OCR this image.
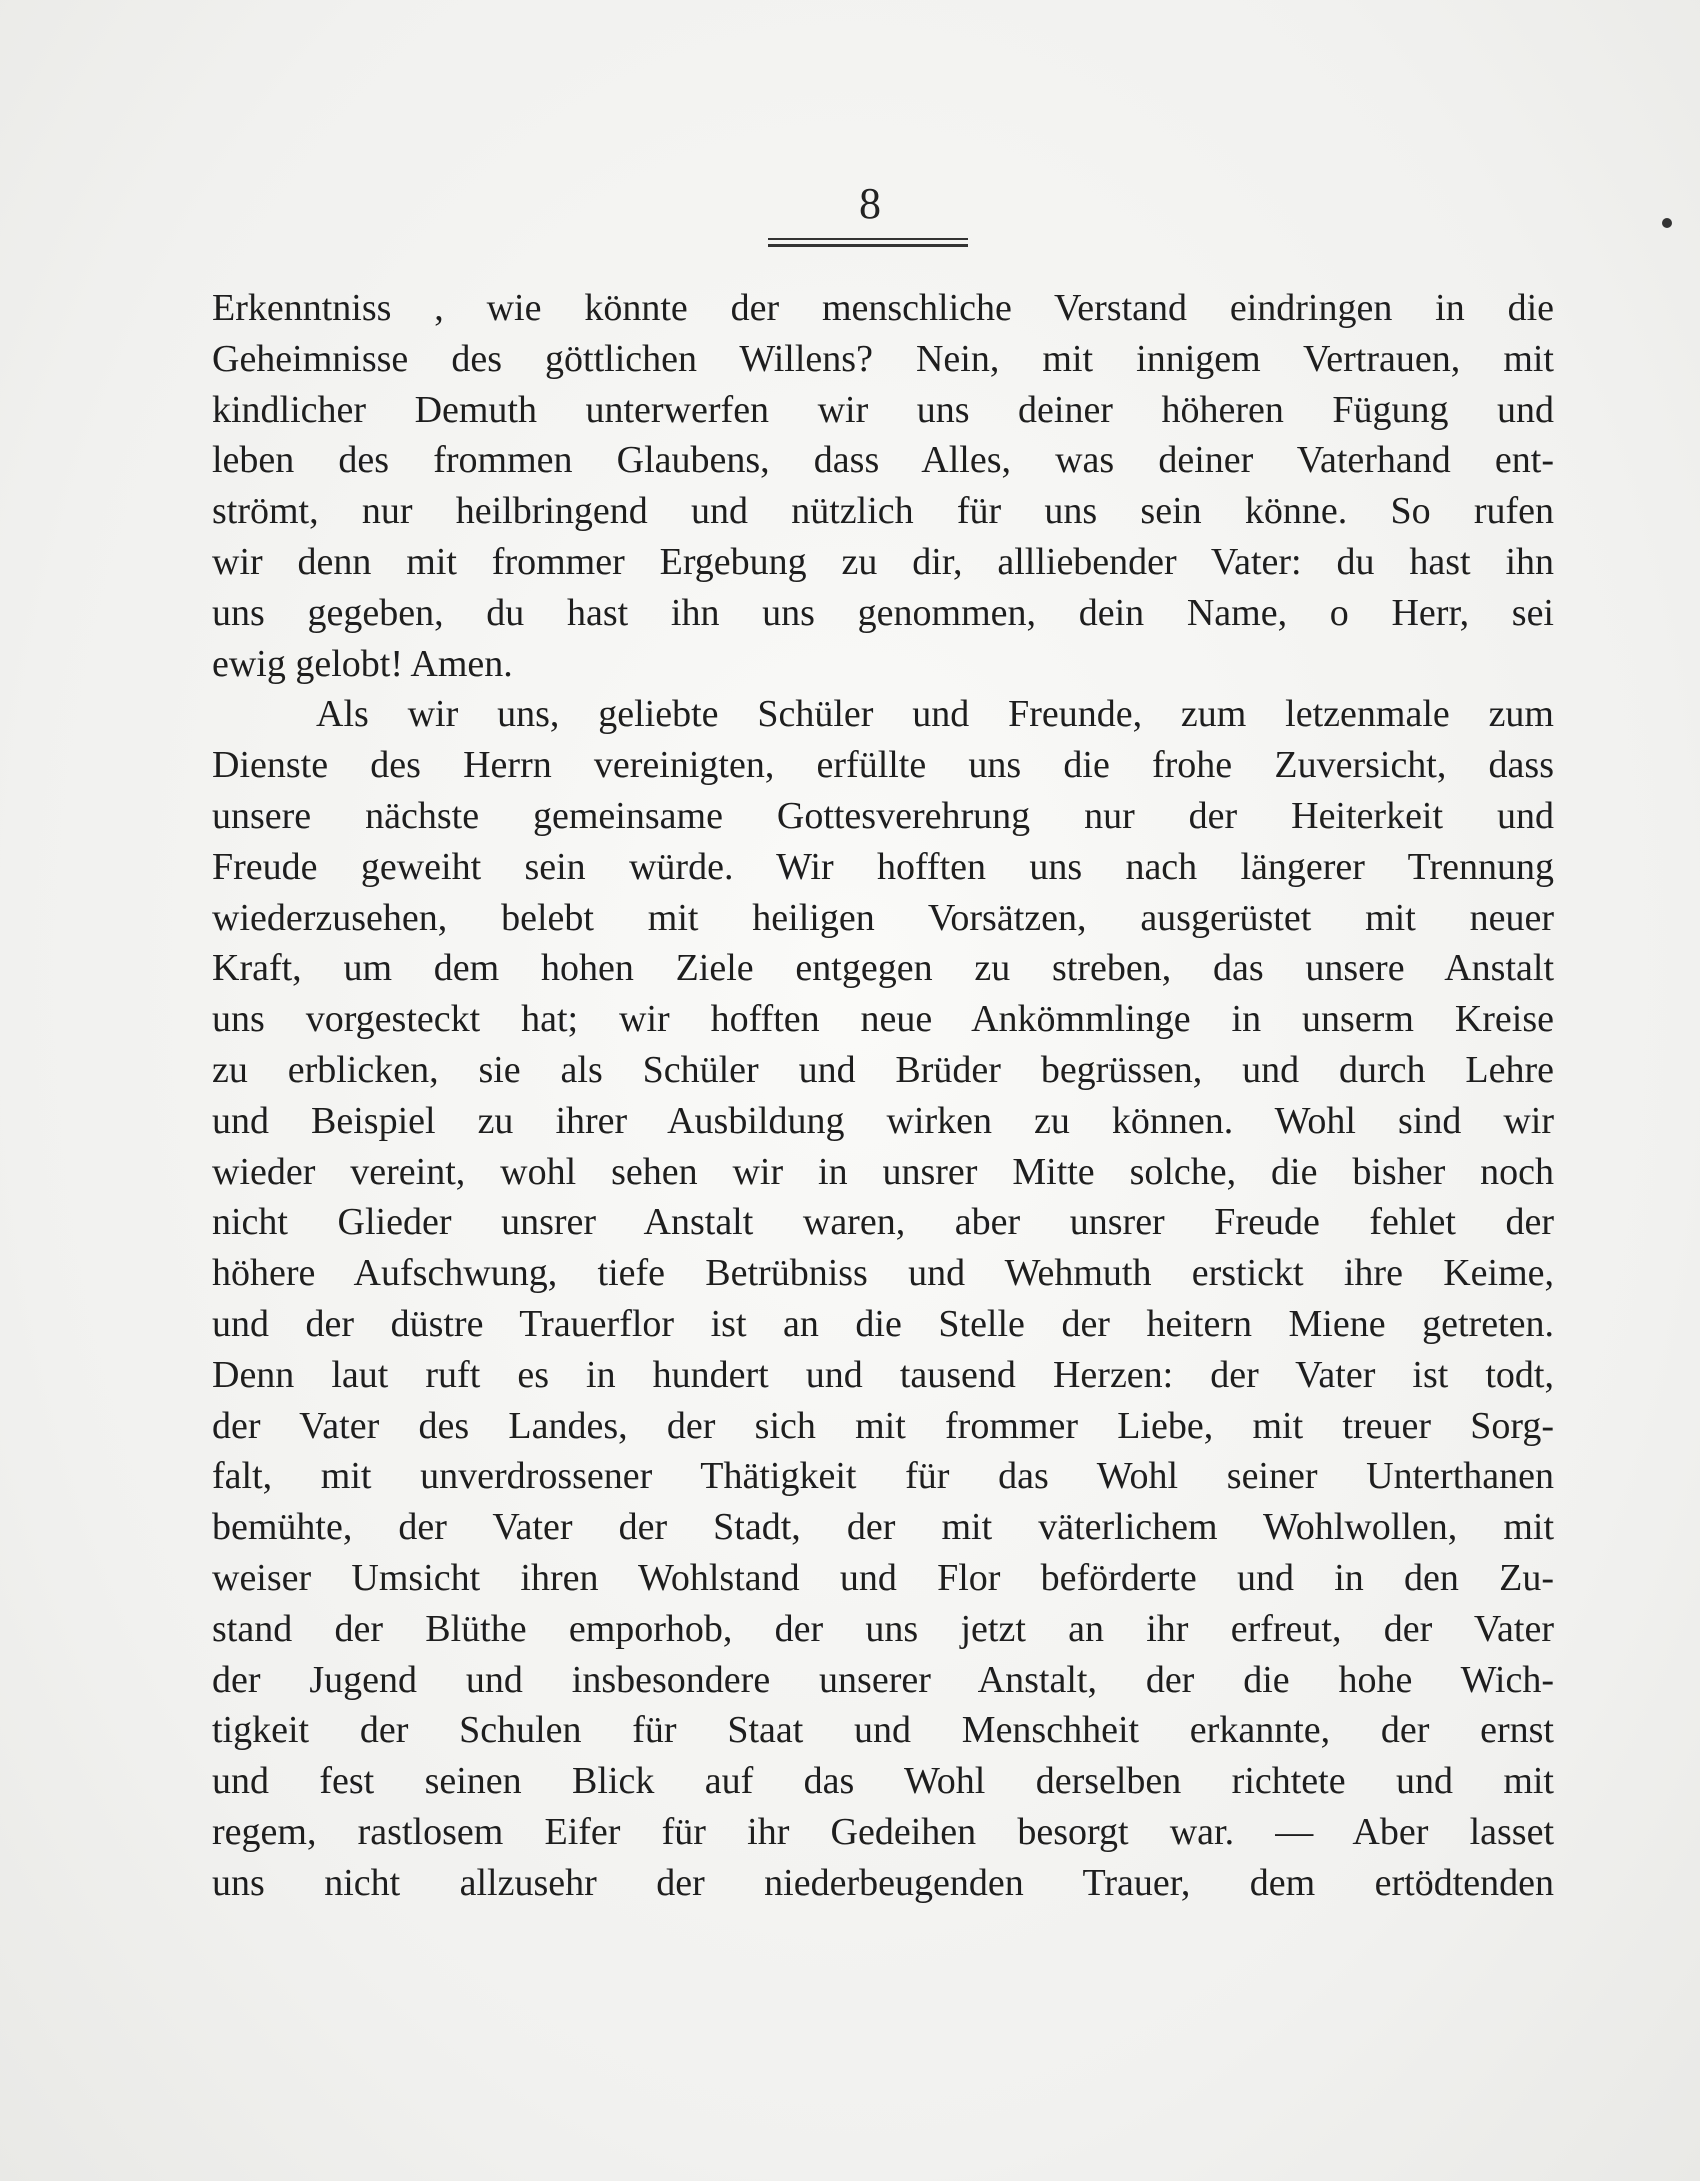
8
Erkenntniss , wie könnte der menschliche Verstand eindringen in die
Geheimnisse des göttlichen Willens? Nein, mit innigem Vertrauen, mit
kindlicher Demuth unterwerfen wir uns deiner höheren Fügung und
leben des frommen Glaubens, dass Alles, was deiner Vaterhand ent-
strömt, nur heilbringend und nützlich für uns sein könne. So rufen
wir denn mit frommer Ergebung zu dir, allliebender Vater: du hast ihn
uns gegeben, du hast ihn uns genommen, dein Name, o Herr, sei
ewig gelobt! Amen.
Als wir uns, geliebte Schüler und Freunde, zum letzenmale zum
Dienste des Herrn vereinigten, erfüllte uns die frohe Zuversicht, dass
unsere nächste gemeinsame Gottesverehrung nur der Heiterkeit und
Freude geweiht sein würde. Wir hofften uns nach längerer Trennung
wiederzusehen, belebt mit heiligen Vorsätzen, ausgerüstet mit neuer
Kraft, um dem hohen Ziele entgegen zu streben, das unsere Anstalt
uns vorgesteckt hat; wir hofften neue Ankömmlinge in unserm Kreise
zu erblicken, sie als Schüler und Brüder begrüssen, und durch Lehre
und Beispiel zu ihrer Ausbildung wirken zu können. Wohl sind wir
wieder vereint, wohl sehen wir in unsrer Mitte solche, die bisher noch
nicht Glieder unsrer Anstalt waren, aber unsrer Freude fehlet der
höhere Aufschwung, tiefe Betrübniss und Wehmuth erstickt ihre Keime,
und der düstre Trauerflor ist an die Stelle der heitern Miene getreten.
Denn laut ruft es in hundert und tausend Herzen: der Vater ist todt,
der Vater des Landes, der sich mit frommer Liebe, mit treuer Sorg-
falt, mit unverdrossener Thätigkeit für das Wohl seiner Unterthanen
bemühte, der Vater der Stadt, der mit väterlichem Wohlwollen, mit
weiser Umsicht ihren Wohlstand und Flor beförderte und in den Zu-
stand der Blüthe emporhob, der uns jetzt an ihr erfreut, der Vater
der Jugend und insbesondere unserer Anstalt, der die hohe Wich-
tigkeit der Schulen für Staat und Menschheit erkannte, der ernst
und fest seinen Blick auf das Wohl derselben richtete und mit
regem, rastlosem Eifer für ihr Gedeihen besorgt war. — Aber lasset
uns nicht allzusehr der niederbeugenden Trauer, dem ertödtenden
